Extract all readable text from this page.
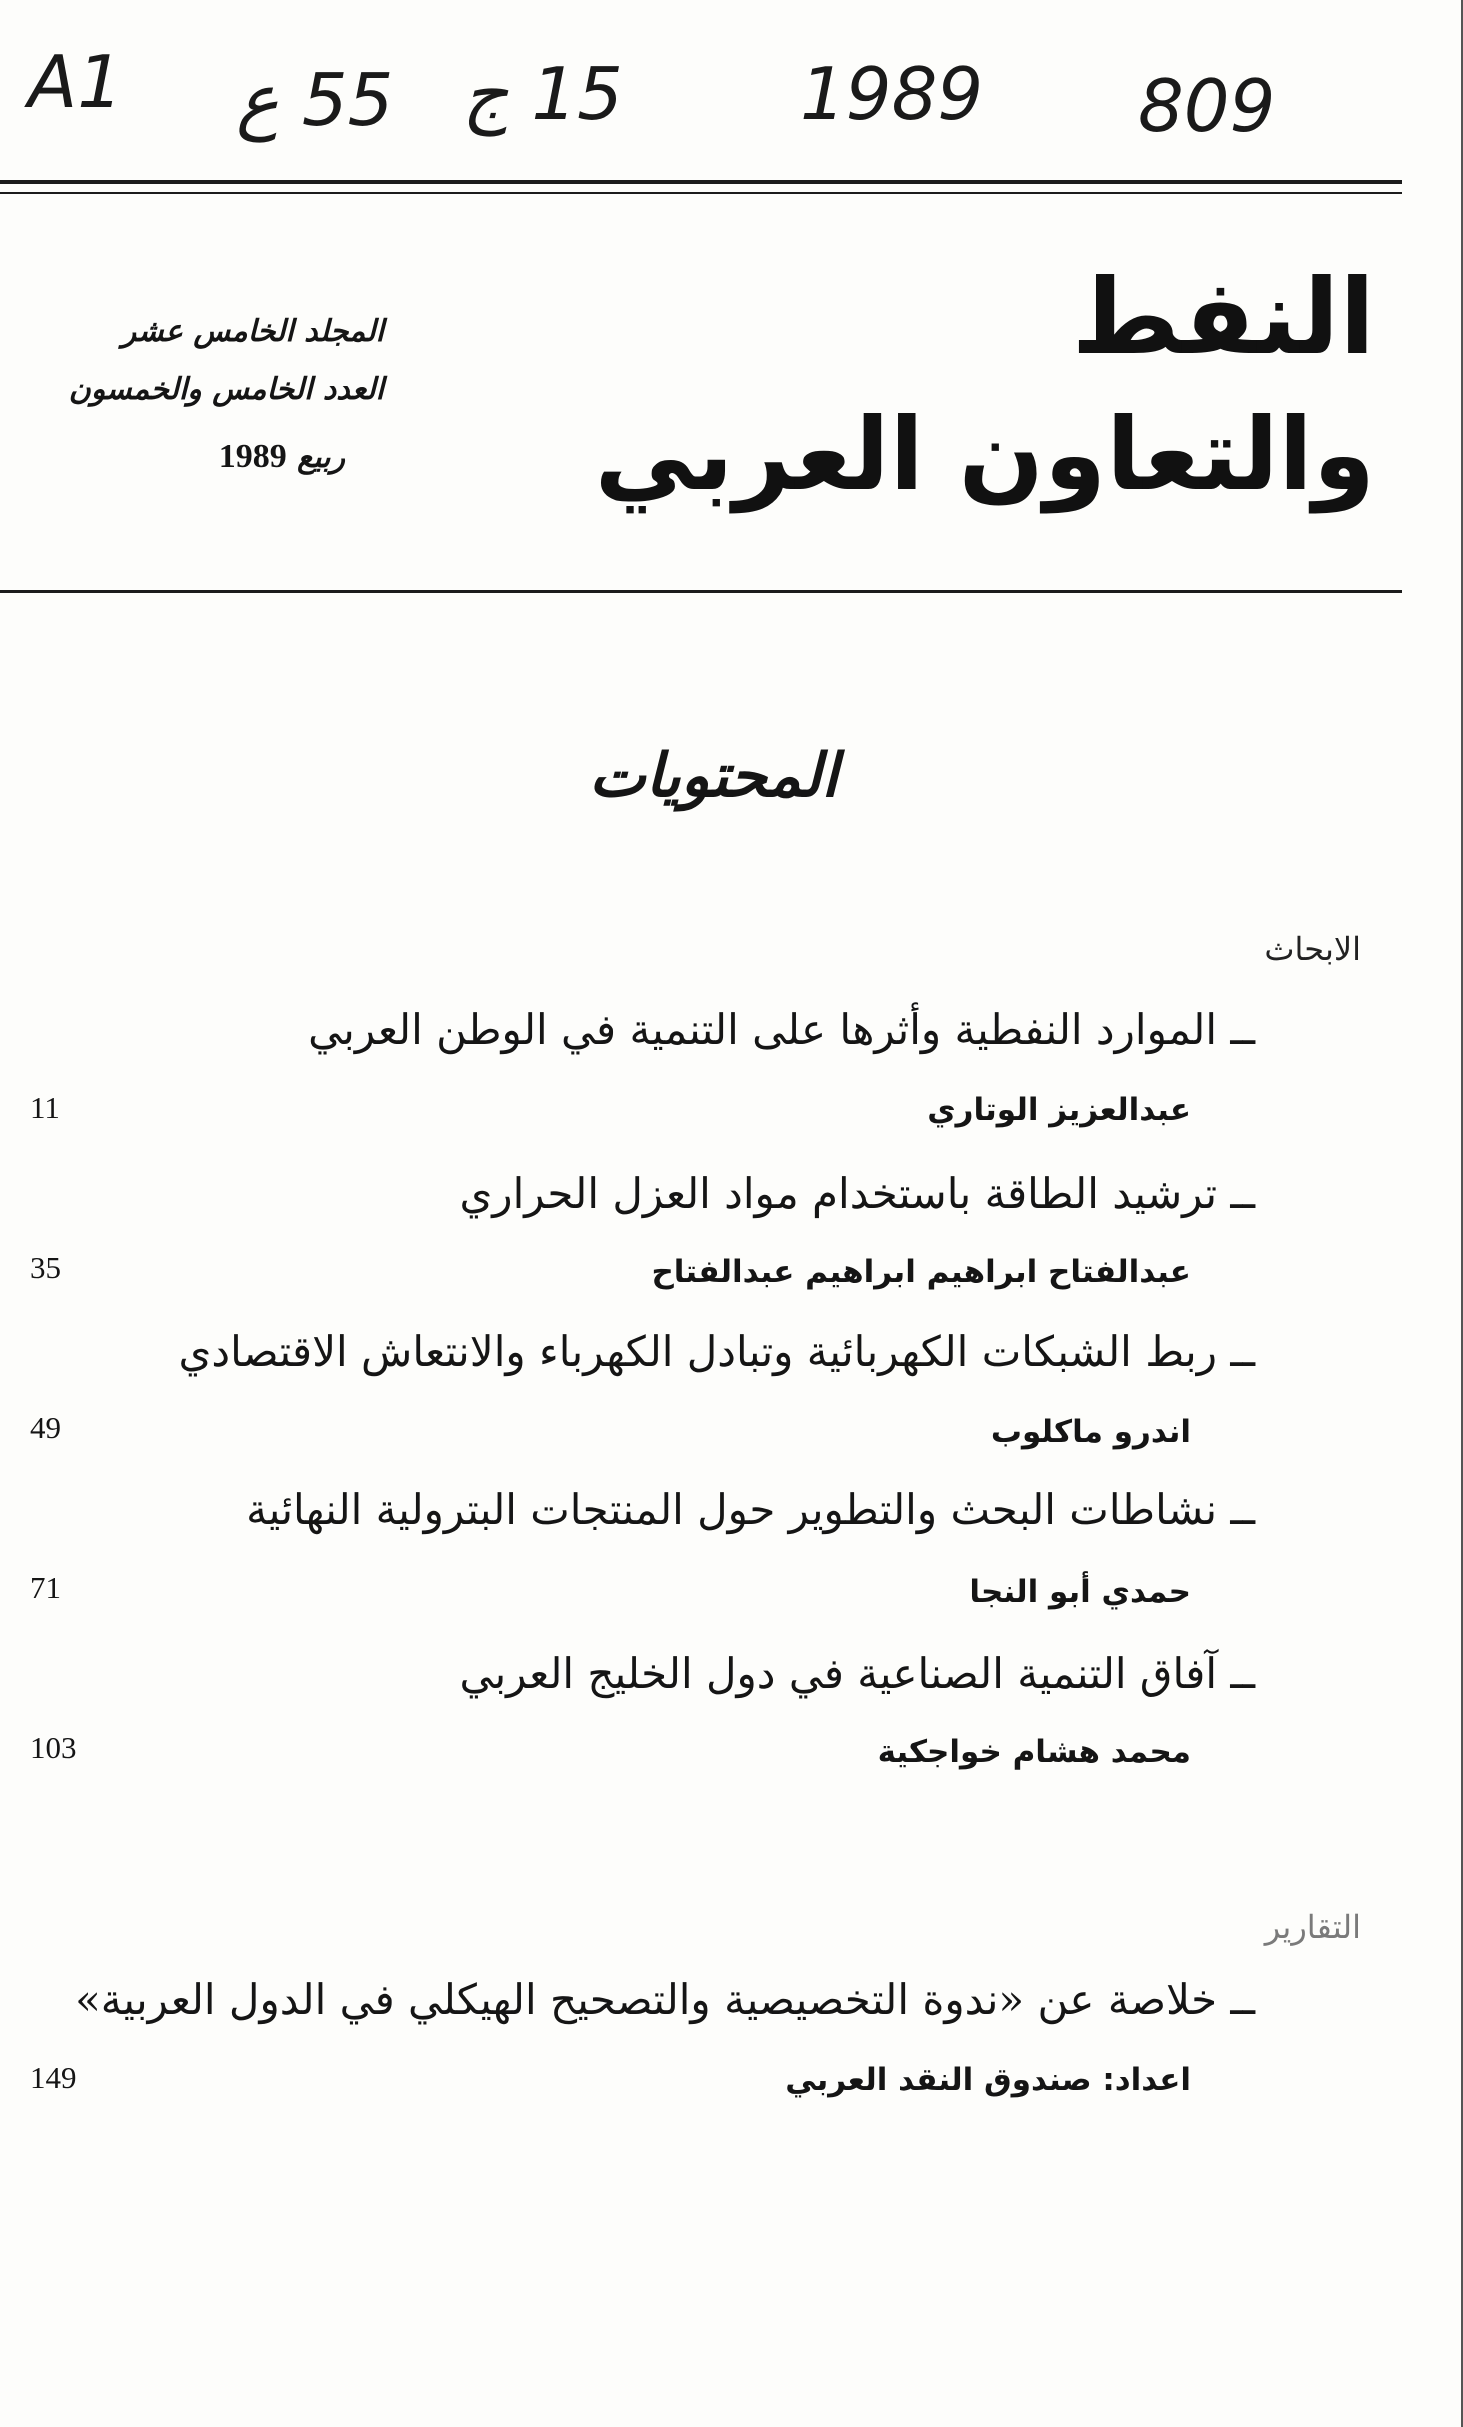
A1 55 ع 15 ج 1989 809
النفط
والتعاون العربي
المجلد الخامس عشر
العدد الخامس والخمسون
ربيع 1989
المحتويات
الابحاث
ــ الموارد النفطية وأثرها على التنمية في الوطن العربي
عبدالعزيز الوتاري
11
ــ ترشيد الطاقة باستخدام مواد العزل الحراري
عبدالفتاح ابراهيم ابراهيم عبدالفتاح
35
ــ ربط الشبكات الكهربائية وتبادل الكهرباء والانتعاش الاقتصادي
اندرو ماكلوب
49
ــ نشاطات البحث والتطوير حول المنتجات البترولية النهائية
حمدي أبو النجا
71
ــ آفاق التنمية الصناعية في دول الخليج العربي
محمد هشام خواجكية
103
التقارير
ــ خلاصة عن «ندوة التخصيصية والتصحيح الهيكلي في الدول العربية»
اعداد: صندوق النقد العربي
149
